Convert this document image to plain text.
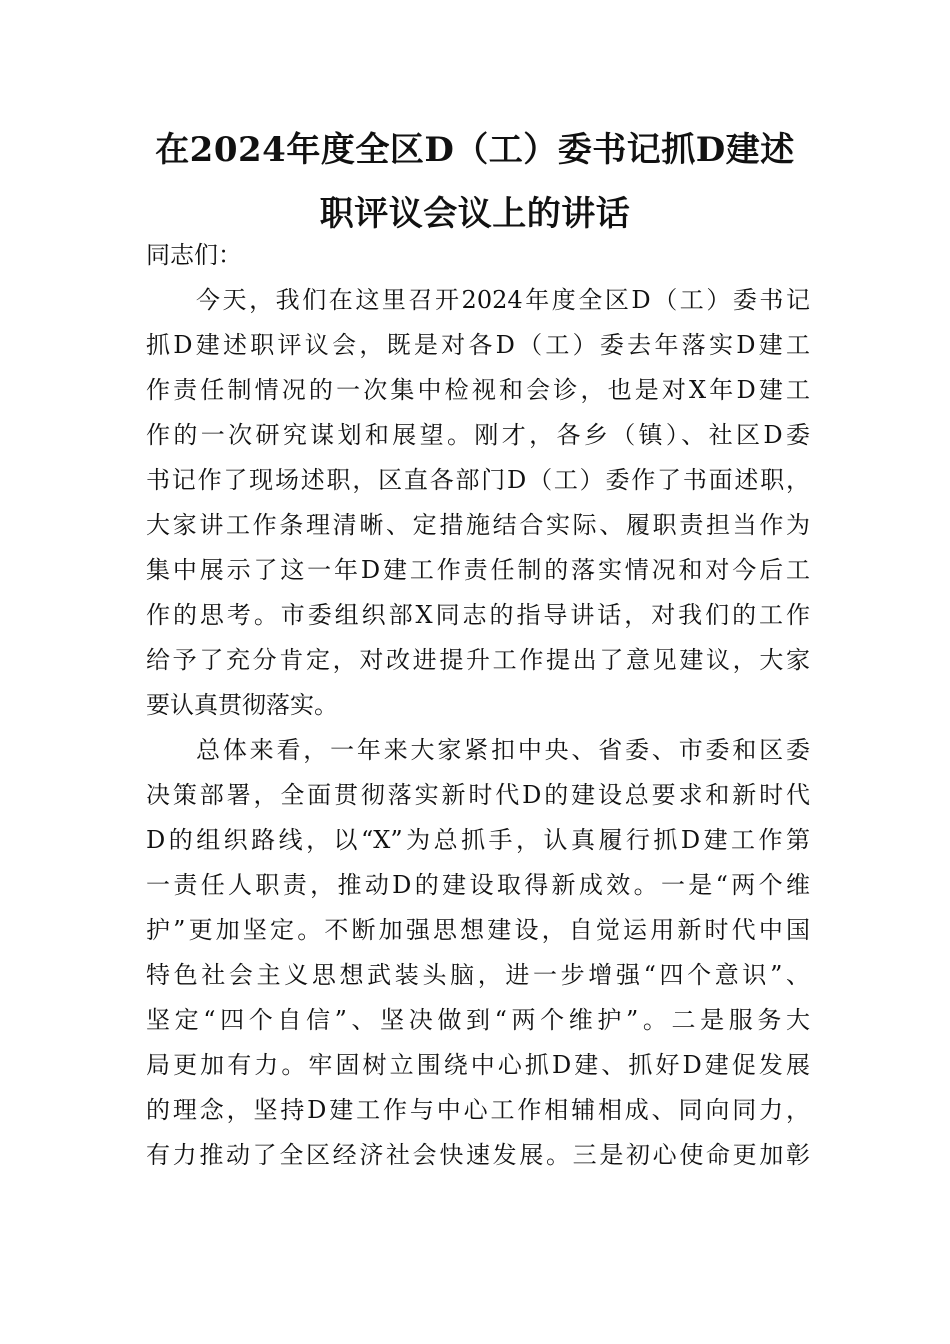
在2024年度全区D（工）委书记抓D建述
职评议会议上的讲话
同志们：
今天，我们在这里召开2024年度全区D（工）委书记
抓D建述职评议会，既是对各D（工）委去年落实D建工
作责任制情况的一次集中检视和会诊，也是对X年D建工
作的一次研究谋划和展望。刚才，各乡（镇）、社区D委
书记作了现场述职，区直各部门D（工）委作了书面述职，
大家讲工作条理清晰、定措施结合实际、履职责担当作为
集中展示了这一年D建工作责任制的落实情况和对今后工
作的思考。市委组织部X同志的指导讲话，对我们的工作
给予了充分肯定，对改进提升工作提出了意见建议，大家
要认真贯彻落实。
总体来看，一年来大家紧扣中央、省委、市委和区委
决策部署，全面贯彻落实新时代D的建设总要求和新时代
D的组织路线，以“X”为总抓手，认真履行抓D建工作第
一责任人职责，推动D的建设取得新成效。一是“两个维
护”更加坚定。不断加强思想建设，自觉运用新时代中国
特色社会主义思想武装头脑，进一步增强“四个意识”、
坚定“四个自信”、坚决做到“两个维护”。二是服务大
局更加有力。牢固树立围绕中心抓D建、抓好D建促发展
的理念，坚持D建工作与中心工作相辅相成、同向同力，
有力推动了全区经济社会快速发展。三是初心使命更加彰
